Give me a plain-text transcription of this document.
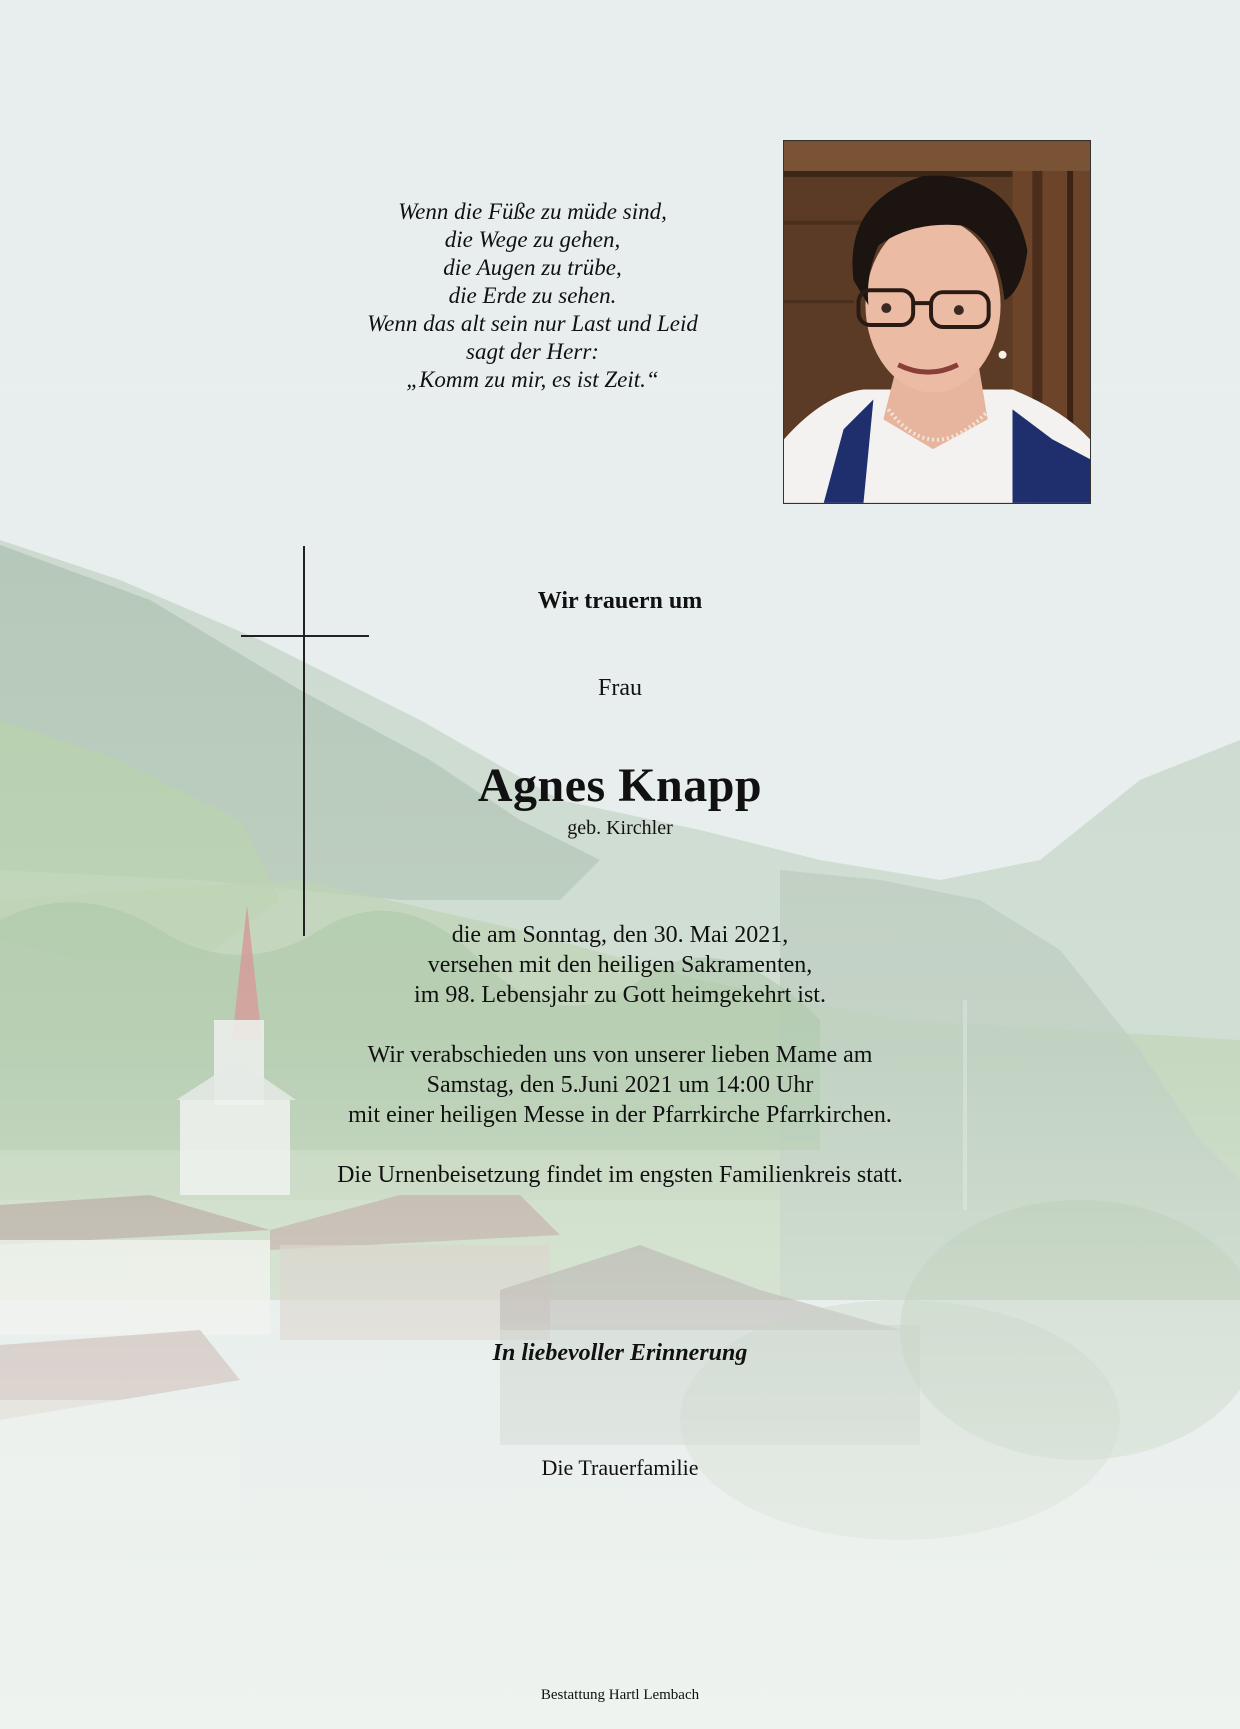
Wenn die Füße zu müde sind,
die Wege zu gehen,
die Augen zu trübe,
die Erde zu sehen.
Wenn das alt sein nur Last und Leid
sagt der Herr:
„Komm zu mir, es ist Zeit.“
Wir trauern um
Frau
Agnes Knapp
geb. Kirchler
die am Sonntag, den 30. Mai 2021,
versehen mit den heiligen Sakramenten,
im 98. Lebensjahr zu Gott heimgekehrt ist.
Wir verabschieden uns von unserer lieben Mame am
Samstag, den 5.Juni 2021 um 14:00 Uhr
mit einer heiligen Messe in der Pfarrkirche Pfarrkirchen.
Die Urnenbeisetzung findet im engsten Familienkreis statt.
In liebevoller Erinnerung
Die Trauerfamilie
Bestattung Hartl Lembach
